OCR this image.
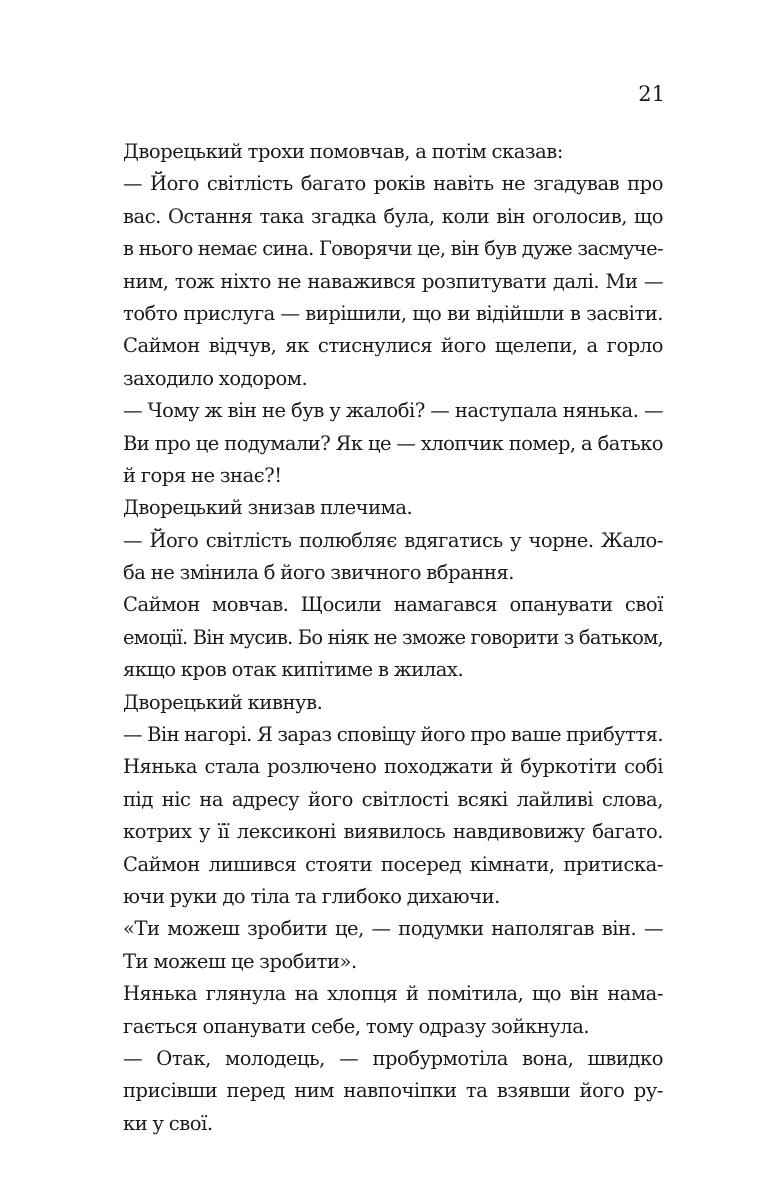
21
Дворецький трохи помовчав, а потім сказав:
— Його світлість багато років навіть не згадував про
вас. Остання така згадка була, коли він оголосив, що
в нього немає сина. Говорячи це, він був дуже засмуче-
ним, тож ніхто не наважився розпитувати далі. Ми —
тобто прислуга — вирішили, що ви відійшли в засвіти.
Саймон відчув, як стиснулися його щелепи, а горло
заходило ходором.
— Чому ж він не був у жалобі? — наступала нянька. —
Ви про це подумали? Як це — хлопчик помер, а батько
й горя не знає?!
Дворецький знизав плечима.
— Його світлість полюбляє вдягатись у чорне. Жало-
ба не змінила б його звичного вбрання.
Саймон мовчав. Щосили намагався опанувати свої
емоції. Він мусив. Бо ніяк не зможе говорити з батьком,
якщо кров отак кипітиме в жилах.
Дворецький кивнув.
— Він нагорі. Я зараз сповіщу його про ваше прибуття.
Нянька стала розлючено походжати й буркотіти собі
під ніс на адресу його світлості всякі лайливі слова,
котрих у її лексиконі виявилось навдивовижу багато.
Саймон лишився стояти посеред кімнати, притиска-
ючи руки до тіла та глибоко дихаючи.
«Ти можеш зробити це, — подумки наполягав він. —
Ти можеш це зробити».
Нянька глянула на хлопця й помітила, що він нама-
гається опанувати себе, тому одразу зойкнула.
— Отак, молодець, — пробурмотіла вона, швидко
присівши перед ним навпочіпки та взявши його ру-
ки у свої.
